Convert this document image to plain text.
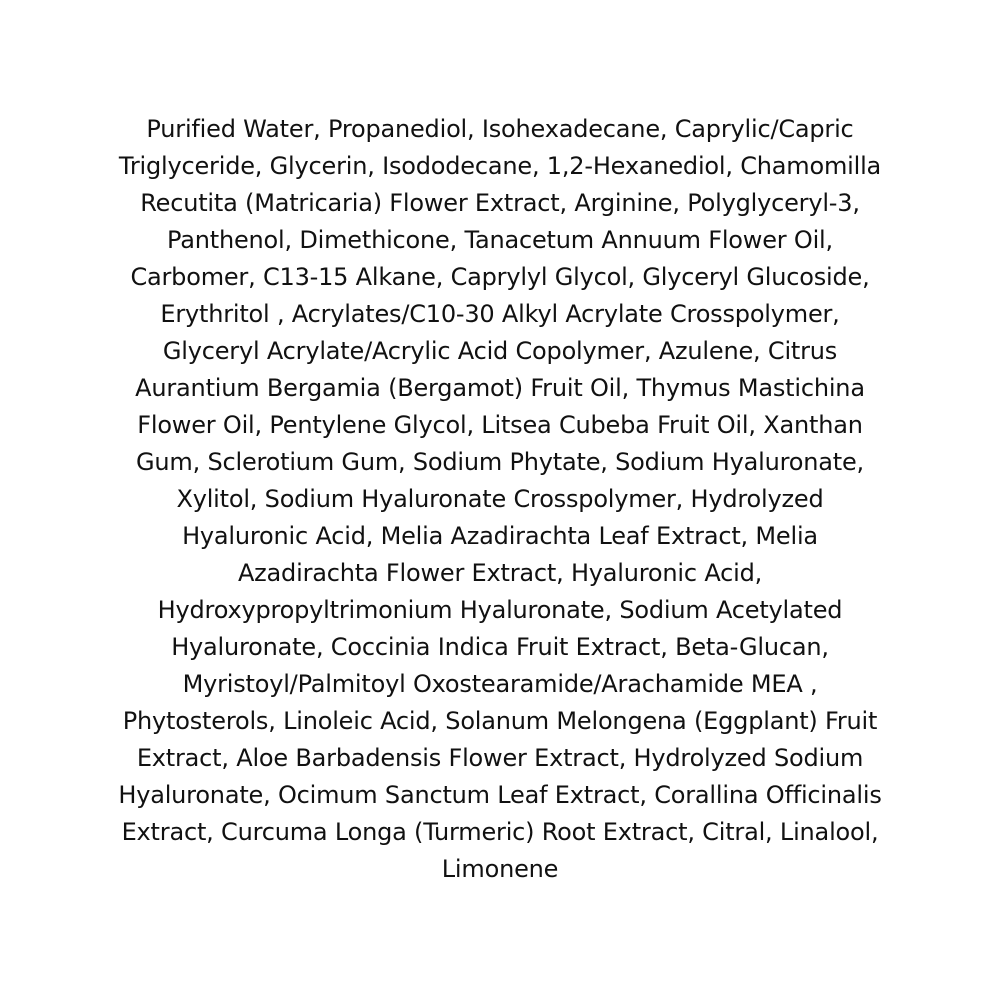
Purified Water, Propanediol, Isohexadecane, Caprylic/Capric
Triglyceride, Glycerin, Isododecane, 1,2-Hexanediol, Chamomilla
Recutita (Matricaria) Flower Extract, Arginine, Polyglyceryl-3,
Panthenol, Dimethicone, Tanacetum Annuum Flower Oil,
Carbomer, C13-15 Alkane, Caprylyl Glycol, Glyceryl Glucoside,
Erythritol , Acrylates/C10-30 Alkyl Acrylate Crosspolymer,
Glyceryl Acrylate/Acrylic Acid Copolymer, Azulene, Citrus
Aurantium Bergamia (Bergamot) Fruit Oil, Thymus Mastichina
Flower Oil, Pentylene Glycol, Litsea Cubeba Fruit Oil, Xanthan
Gum, Sclerotium Gum, Sodium Phytate, Sodium Hyaluronate,
Xylitol, Sodium Hyaluronate Crosspolymer, Hydrolyzed
Hyaluronic Acid, Melia Azadirachta Leaf Extract, Melia
Azadirachta Flower Extract, Hyaluronic Acid,
Hydroxypropyltrimonium Hyaluronate, Sodium Acetylated
Hyaluronate, Coccinia Indica Fruit Extract, Beta-Glucan,
Myristoyl/Palmitoyl Oxostearamide/Arachamide MEA ,
Phytosterols, Linoleic Acid, Solanum Melongena (Eggplant) Fruit
Extract, Aloe Barbadensis Flower Extract, Hydrolyzed Sodium
Hyaluronate, Ocimum Sanctum Leaf Extract, Corallina Officinalis
Extract, Curcuma Longa (Turmeric) Root Extract, Citral, Linalool,
Limonene
